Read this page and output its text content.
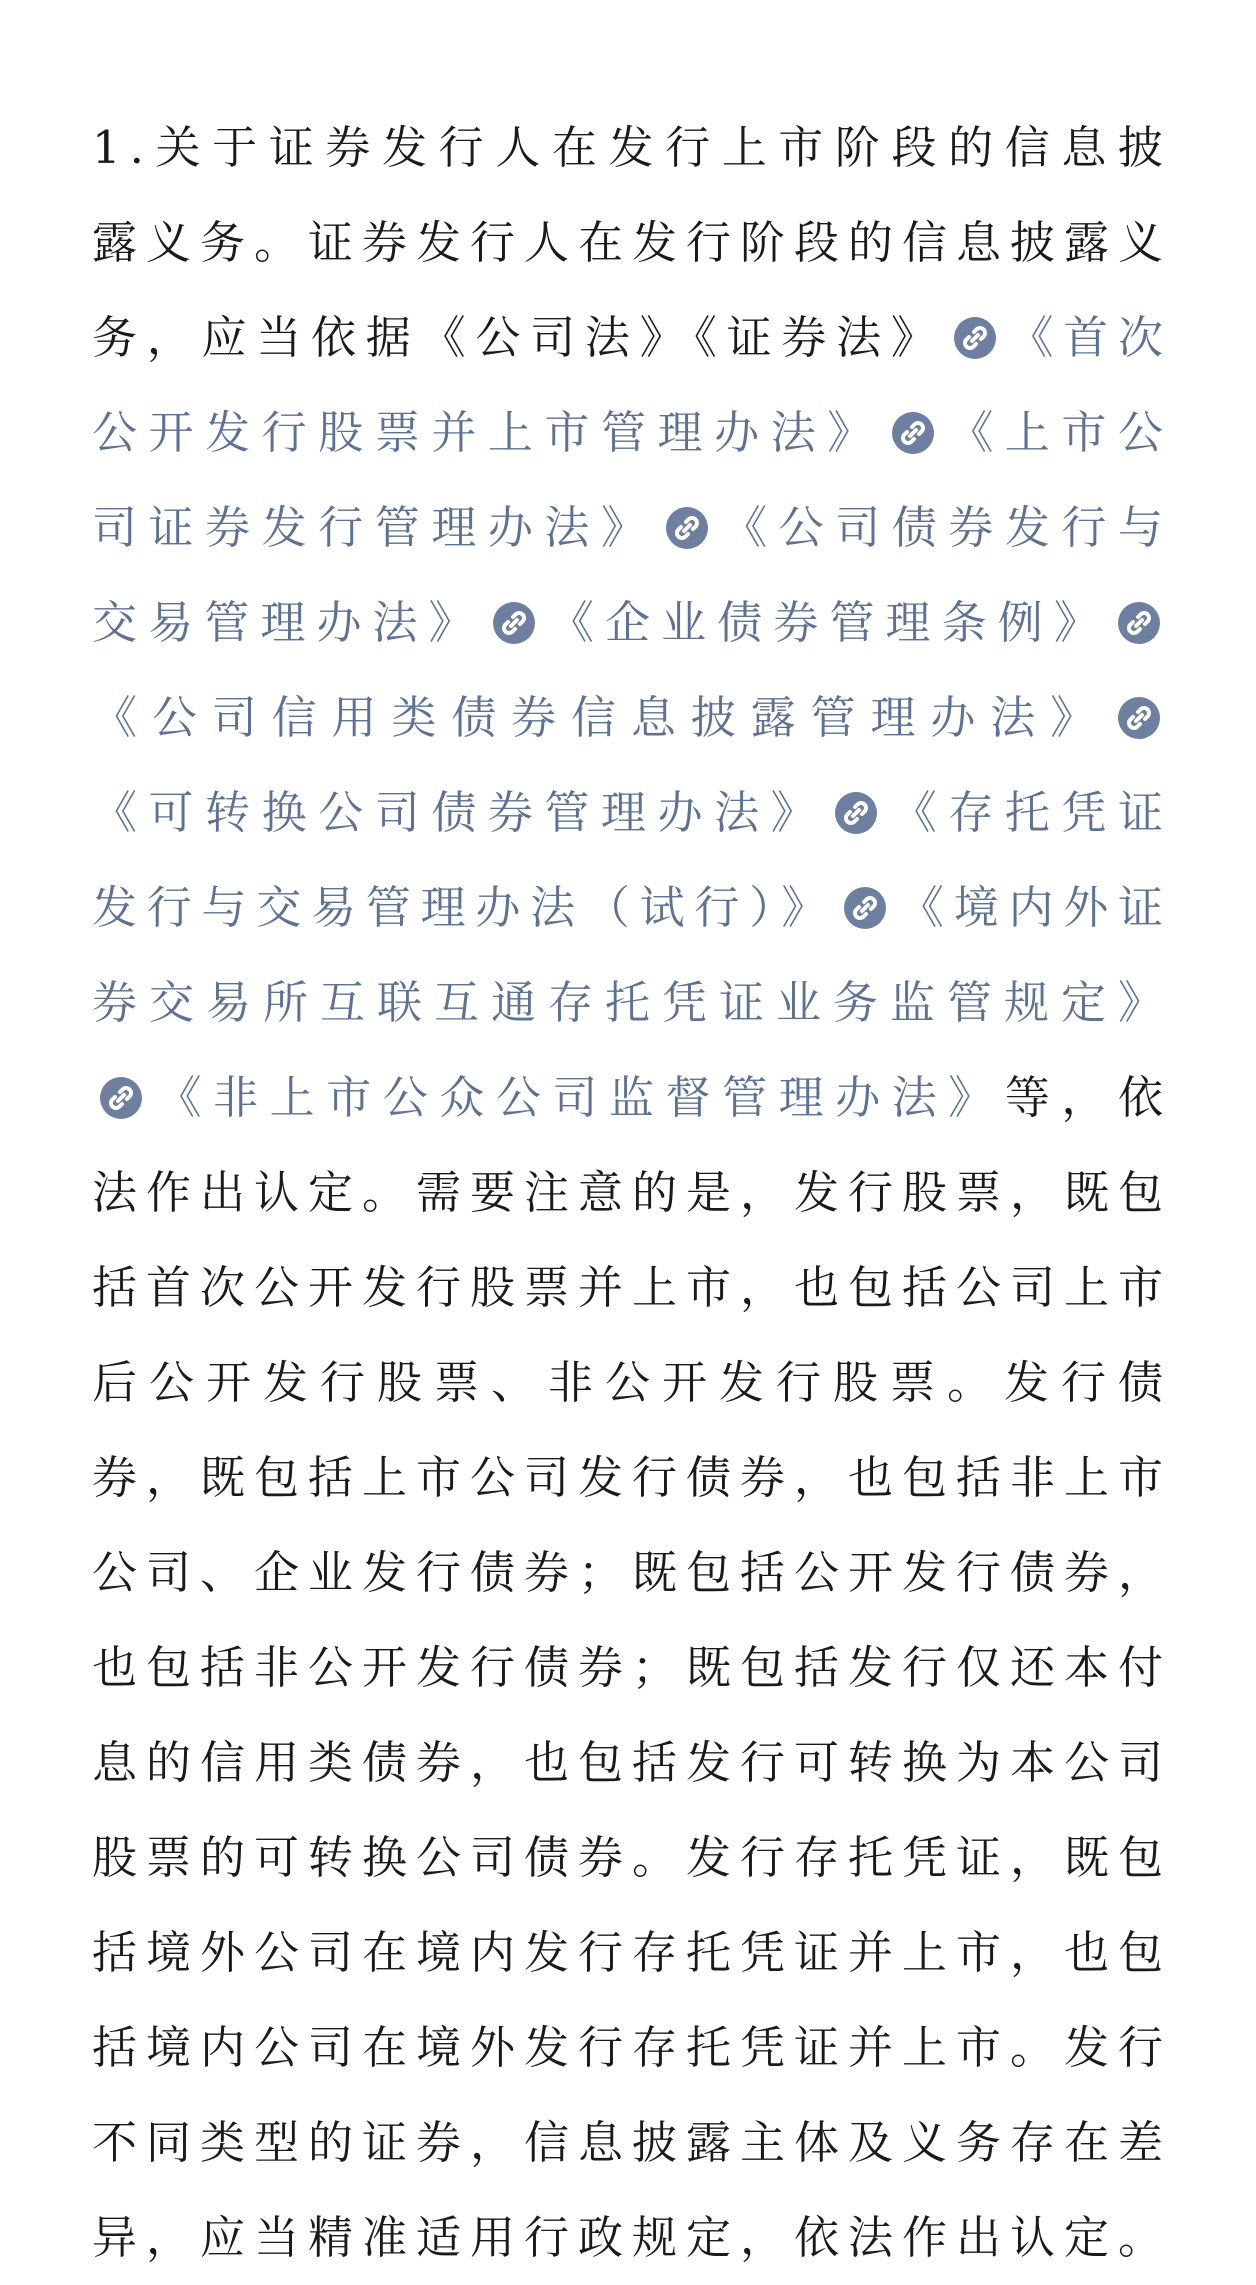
1.关于证券发行人在发行上市阶段的信息披露义务。证券发行人在发行阶段的信息披露义务，应当依据《公司法》《证券法》 《首次公开发行股票并上市管理办法》 《上市公司证券发行管理办法》 《公司债券发行与交易管理办法》 《企业债券管理条例》
《公司信用类债券信息披露管理办法》
《可转换公司债券管理办法》 《存托凭证发行与交易管理办法（试行）》 《境内外证券交易所互联互通存托凭证业务监管规定》
《非上市公众公司监督管理办法》等，依法作出认定。需要注意的是，发行股票，既包括首次公开发行股票并上市，也包括公司上市后公开发行股票、非公开发行股票。发行债券，既包括上市公司发行债券，也包括非上市公司、企业发行债券；既包括公开发行债券，也包括非公开发行债券；既包括发行仅还本付息的信用类债券，也包括发行可转换为本公司股票的可转换公司债券。发行存托凭证，既包括境外公司在境内发行存托凭证并上市，也包括境内公司在境外发行存托凭证并上市。发行不同类型的证券，信息披露主体及义务存在差异，应当精准适用行政规定，依法作出认定。
